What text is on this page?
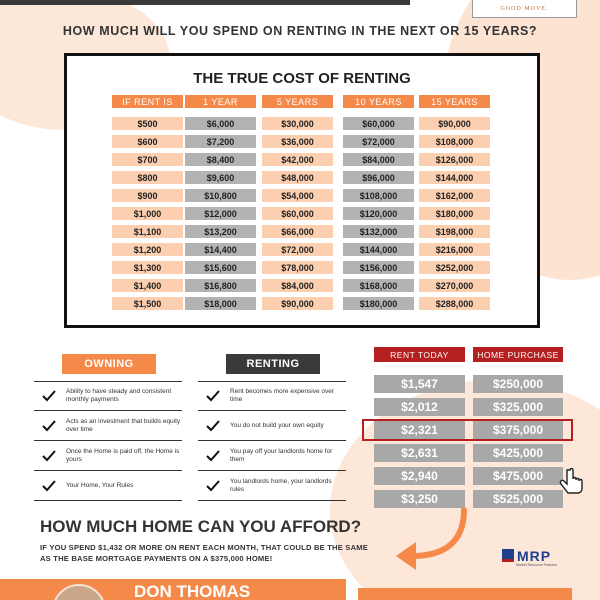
GOOD MOVE.
HOW MUCH WILL YOU SPEND ON RENTING IN THE NEXT OR 15 YEARS?
THE TRUE COST OF RENTING
IF RENT IS	1 YEAR	5 YEARS	10 YEARS	15 YEARS
$500	$6,000	$30,000	$60,000	$90,000
$600	$7,200	$36,000	$72,000	$108,000
$700	$8,400	$42,000	$84,000	$126,000
$800	$9,600	$48,000	$96,000	$144,000
$900	$10,800	$54,000	$108,000	$162,000
$1,000	$12,000	$60,000	$120,000	$180,000
$1,100	$13,200	$66,000	$132,000	$198,000
$1,200	$14,400	$72,000	$144,000	$216,000
$1,300	$15,600	$78,000	$156,000	$252,000
$1,400	$16,800	$84,000	$168,000	$270,000
$1,500	$18,000	$90,000	$180,000	$288,000
OWNING	RENTING
Ability to have steady and consistent monthly payments
Acts as an investment that builds equity over time
Once the Home is paid off, the Home is yours
Your Home, Your Rules
Rent becomes more expensive over time
You do not build your own equity
You pay off your landlords home for them
You landlords home, your landlords rules
RENT TODAY	HOME PURCHASE
$1,547	$250,000
$2,012	$325,000
$2,321	$375,000
$2,631	$425,000
$2,940	$475,000
$3,250	$525,000
HOW MUCH HOME CAN YOU AFFORD?
IF YOU SPEND $1,432 OR MORE ON RENT EACH MONTH, THAT COULD BE THE SAME AS THE BASE MORTGAGE PAYMENTS ON A $375,000 HOME!	MRP
Market Resource Partners
DON THOMAS
